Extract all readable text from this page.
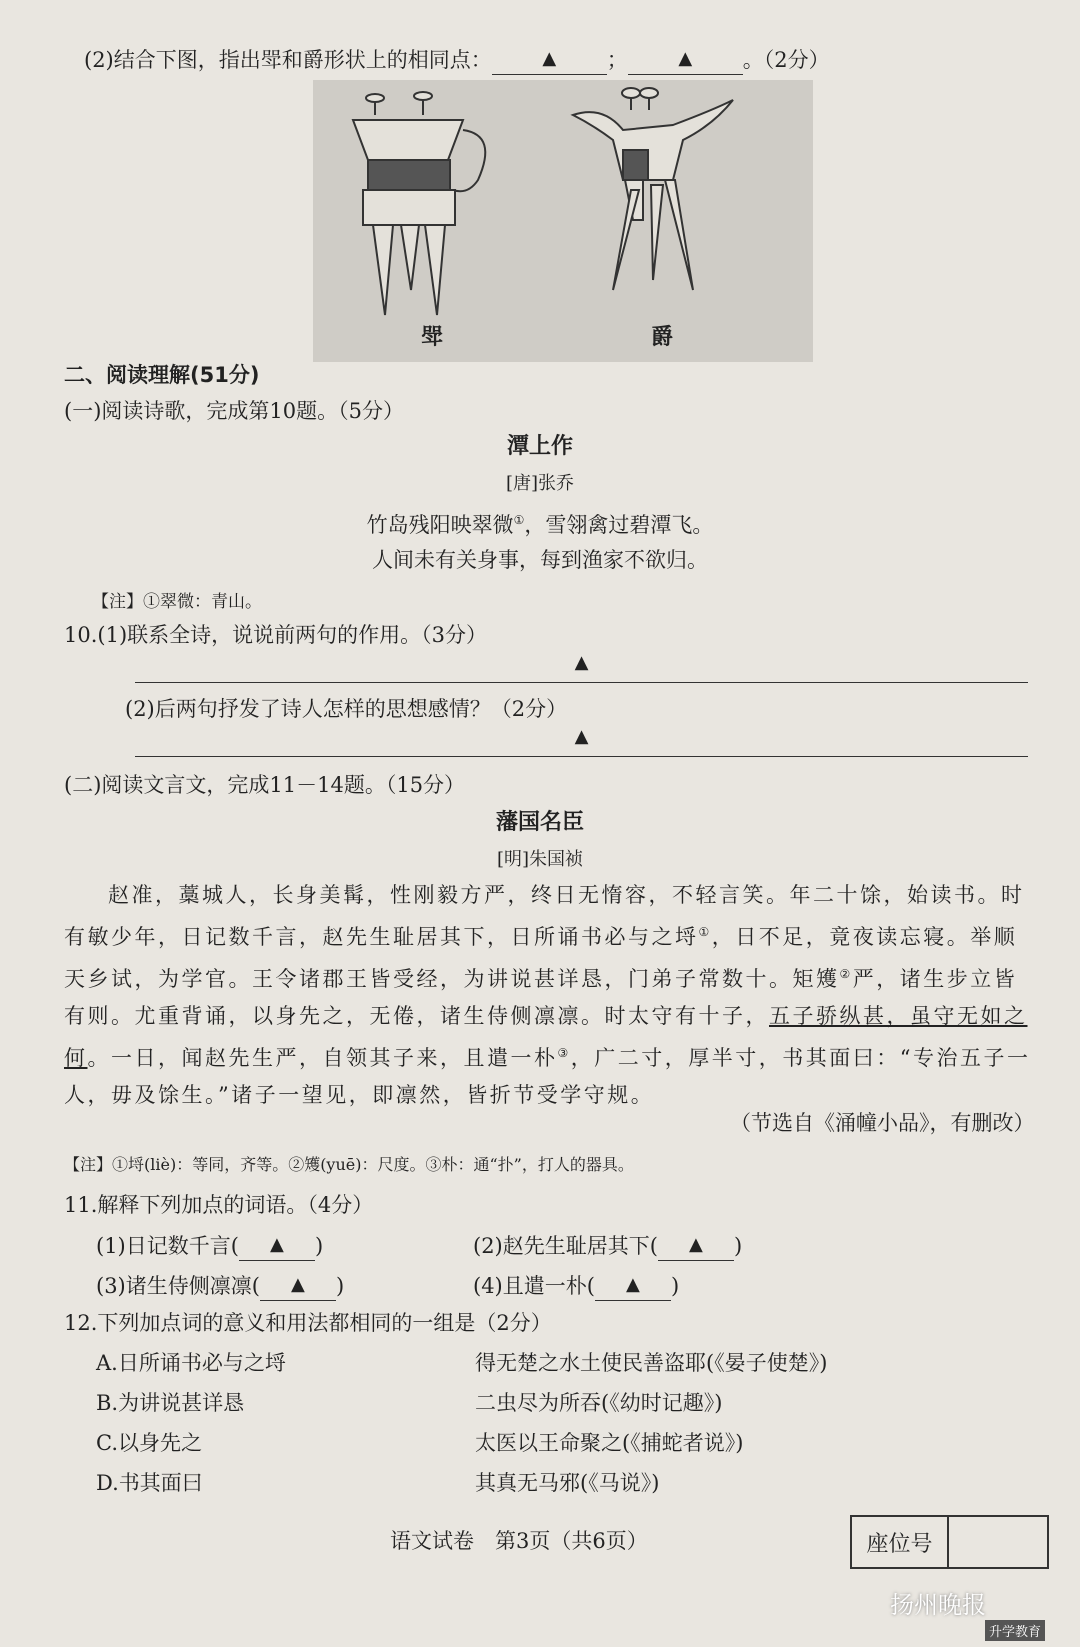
(2)结合下图，指出斝和爵形状上的相同点：	▲ ；	▲ 。（2分）
斝	爵
二、阅读理解(51分)
(一)阅读诗歌，完成第10题。（5分）
潭上作
[唐]张乔
竹岛残阳映翠微①，雪翎禽过碧潭飞。
人间未有关身事，每到渔家不欲归。
【注】①翠微：青山。
10.(1)联系全诗，说说前两句的作用。（3分）
▲
(2)后两句抒发了诗人怎样的思想感情？（2分）
▲
(二)阅读文言文，完成11－14题。（15分）
藩国名臣
[明]朱国祯
赵准，藁城人，长身美髯，性刚毅方严，终日无惰容，不轻言笑。年二十馀，始读书。时有敏少年，日记数千言，赵先生耻居其下，日所诵书必与之埒①，日不足，竟夜读忘寝。举顺天乡试，为学官。王令诸郡王皆受经，为讲说甚详恳，门弟子常数十。矩矱②严，诸生步立皆有则。尤重背诵，以身先之，无倦，诸生侍侧凛凛。时太守有十子，五子骄纵甚，虽守无如之何。一日，闻赵先生严，自领其子来，且遣一朴③，广二寸，厚半寸，书其面曰：“专治五子一人，毋及馀生。”诸子一望见，即凛然，皆折节受学守规。
（节选自《涌幢小品》，有删改）
【注】①埒(liè)：等同，齐等。②矱(yuē)：尺度。③朴：通“扑”，打人的器具。
11.解释下列加点的词语。（4分）
(1)日记数千言( ▲ )	(2)赵先生耻居其下( ▲ )
(3)诸生侍侧凛凛( ▲ )	(4)且遣一朴( ▲ )
12.下列加点词的意义和用法都相同的一组是（2分）
A.日所诵书必与之埒	得无楚之水土使民善盗耶(《晏子使楚》)
B.为讲说甚详恳	二虫尽为所吞(《幼时记趣》)
C.以身先之	太医以王命聚之(《捕蛇者说》)
D.书其面曰	其真无马邪(《马说》)
语文试卷　第3页（共6页）	座位号
扬州晚报
升学教育
